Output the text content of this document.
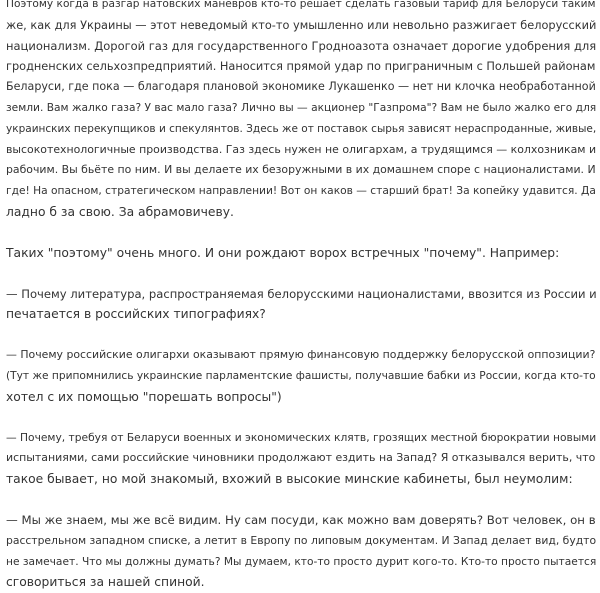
Поэтому когда в разгар натовских манёвров кто-то решает сделать газовый тариф для Белоруси таким
же, как для Украины — этот неведомый кто-то умышленно или невольно разжигает белорусский
национализм. Дорогой газ для государственного Гродноазота означает дорогие удобрения для
гродненских сельхозпредприятий. Наносится прямой удар по приграничным с Польшей районам
Беларуси, где пока — благодаря плановой экономике Лукашенко — нет ни клочка необработанной
земли. Вам жалко газа? У вас мало газа? Лично вы — акционер "Газпрома"? Вам не было жалко его для
украинских перекупщиков и спекулянтов. Здесь же от поставок сырья зависят нераспроданные, живые,
высокотехнологичные производства. Газ здесь нужен не олигархам, а трудящимся — колхозникам и
рабочим. Вы бьёте по ним. И вы делаете их безоружными в их домашнем споре с националистами. И
где! На опасном, стратегическом направлении! Вот он каков — старший брат! За копейку удавится. Да
ладно б за свою. За абрамовичеву.
Таких "поэтому" очень много. И они рождают ворох встречных "почему". Например:
— Почему литература, распространяемая белорусскими националистами, ввозится из России и
печатается в российских типографиях?
— Почему российские олигархи оказывают прямую финансовую поддержку белорусской оппозиции?
(Тут же припомнились украинские парламентские фашисты, получавшие бабки из России, когда кто-то
хотел с их помощью "порешать вопросы")
— Почему, требуя от Беларуси военных и экономических клятв, грозящих местной бюрократии новыми
испытаниями, сами российские чиновники продолжают ездить на Запад? Я отказывался верить, что
такое бывает, но мой знакомый, вхожий в высокие минские кабинеты, был неумолим:
— Мы же знаем, мы же всё видим. Ну сам посуди, как можно вам доверять? Вот человек, он в
расстрельном западном списке, а летит в Европу по липовым документам. И Запад делает вид, будто
не замечает. Что мы должны думать? Мы думаем, кто-то просто дурит кого-то. Кто-то просто пытается
сговориться за нашей спиной.
